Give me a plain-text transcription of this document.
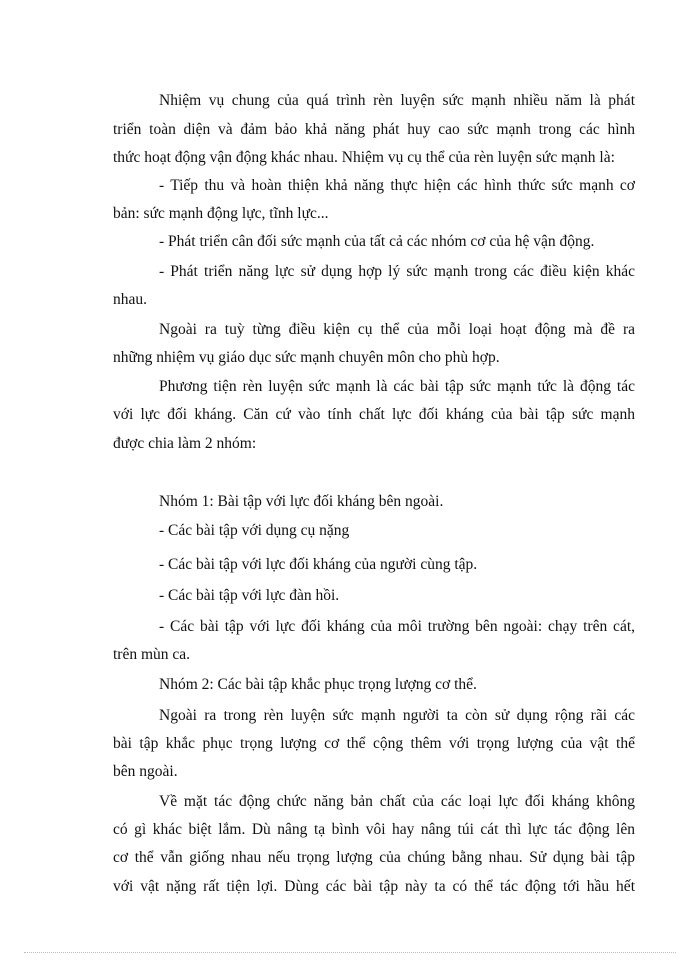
Nhiệm vụ chung của quá trình rèn luyện sức mạnh nhiều năm là phát

triển toàn diện và đảm bảo khả năng phát huy cao sức mạnh trong các hình

thức hoạt động vận động khác nhau. Nhiệm vụ cụ thể của rèn luyện sức mạnh là:

- Tiếp thu và hoàn thiện khả năng thực hiện các hình thức sức mạnh cơ

bản: sức mạnh động lực, tĩnh lực...

- Phát triển cân đối sức mạnh của tất cả các nhóm cơ của hệ vận động.

- Phát triển năng lực sử dụng hợp lý sức mạnh trong các điều kiện khác

nhau.

Ngoài ra tuỳ từng điều kiện cụ thể của mỗi loại hoạt động mà đề ra

những nhiệm vụ giáo dục sức mạnh chuyên môn cho phù hợp.

Phương tiện rèn luyện sức mạnh là các bài tập sức mạnh tức là động tác

với lực đối kháng. Căn cứ vào tính chất lực đối kháng của bài tập sức mạnh

được chia làm 2 nhóm:

Nhóm 1: Bài tập với lực đối kháng bên ngoài.

- Các bài tập với dụng cụ nặng

- Các bài tập với lực đối kháng của người cùng tập.

- Các bài tập với lực đàn hồi.

- Các bài tập với lực đối kháng của môi trường bên ngoài: chạy trên cát,

trên mùn ca.

Nhóm 2: Các bài tập khắc phục trọng lượng cơ thể.

Ngoài ra trong rèn luyện sức mạnh người ta còn sử dụng rộng rãi các

bài tập khắc phục trọng lượng cơ thể cộng thêm với trọng lượng của vật thể

bên ngoài.

Về mặt tác động chức năng bản chất của các loại lực đối kháng không

có gì khác biệt lắm. Dù nâng tạ bình vôi hay nâng túi cát thì lực tác động lên

cơ thể vẫn giống nhau nếu trọng lượng của chúng bằng nhau. Sử dụng bài tập

với vật nặng rất tiện lợi. Dùng các bài tập này ta có thể tác động tới hầu hết
